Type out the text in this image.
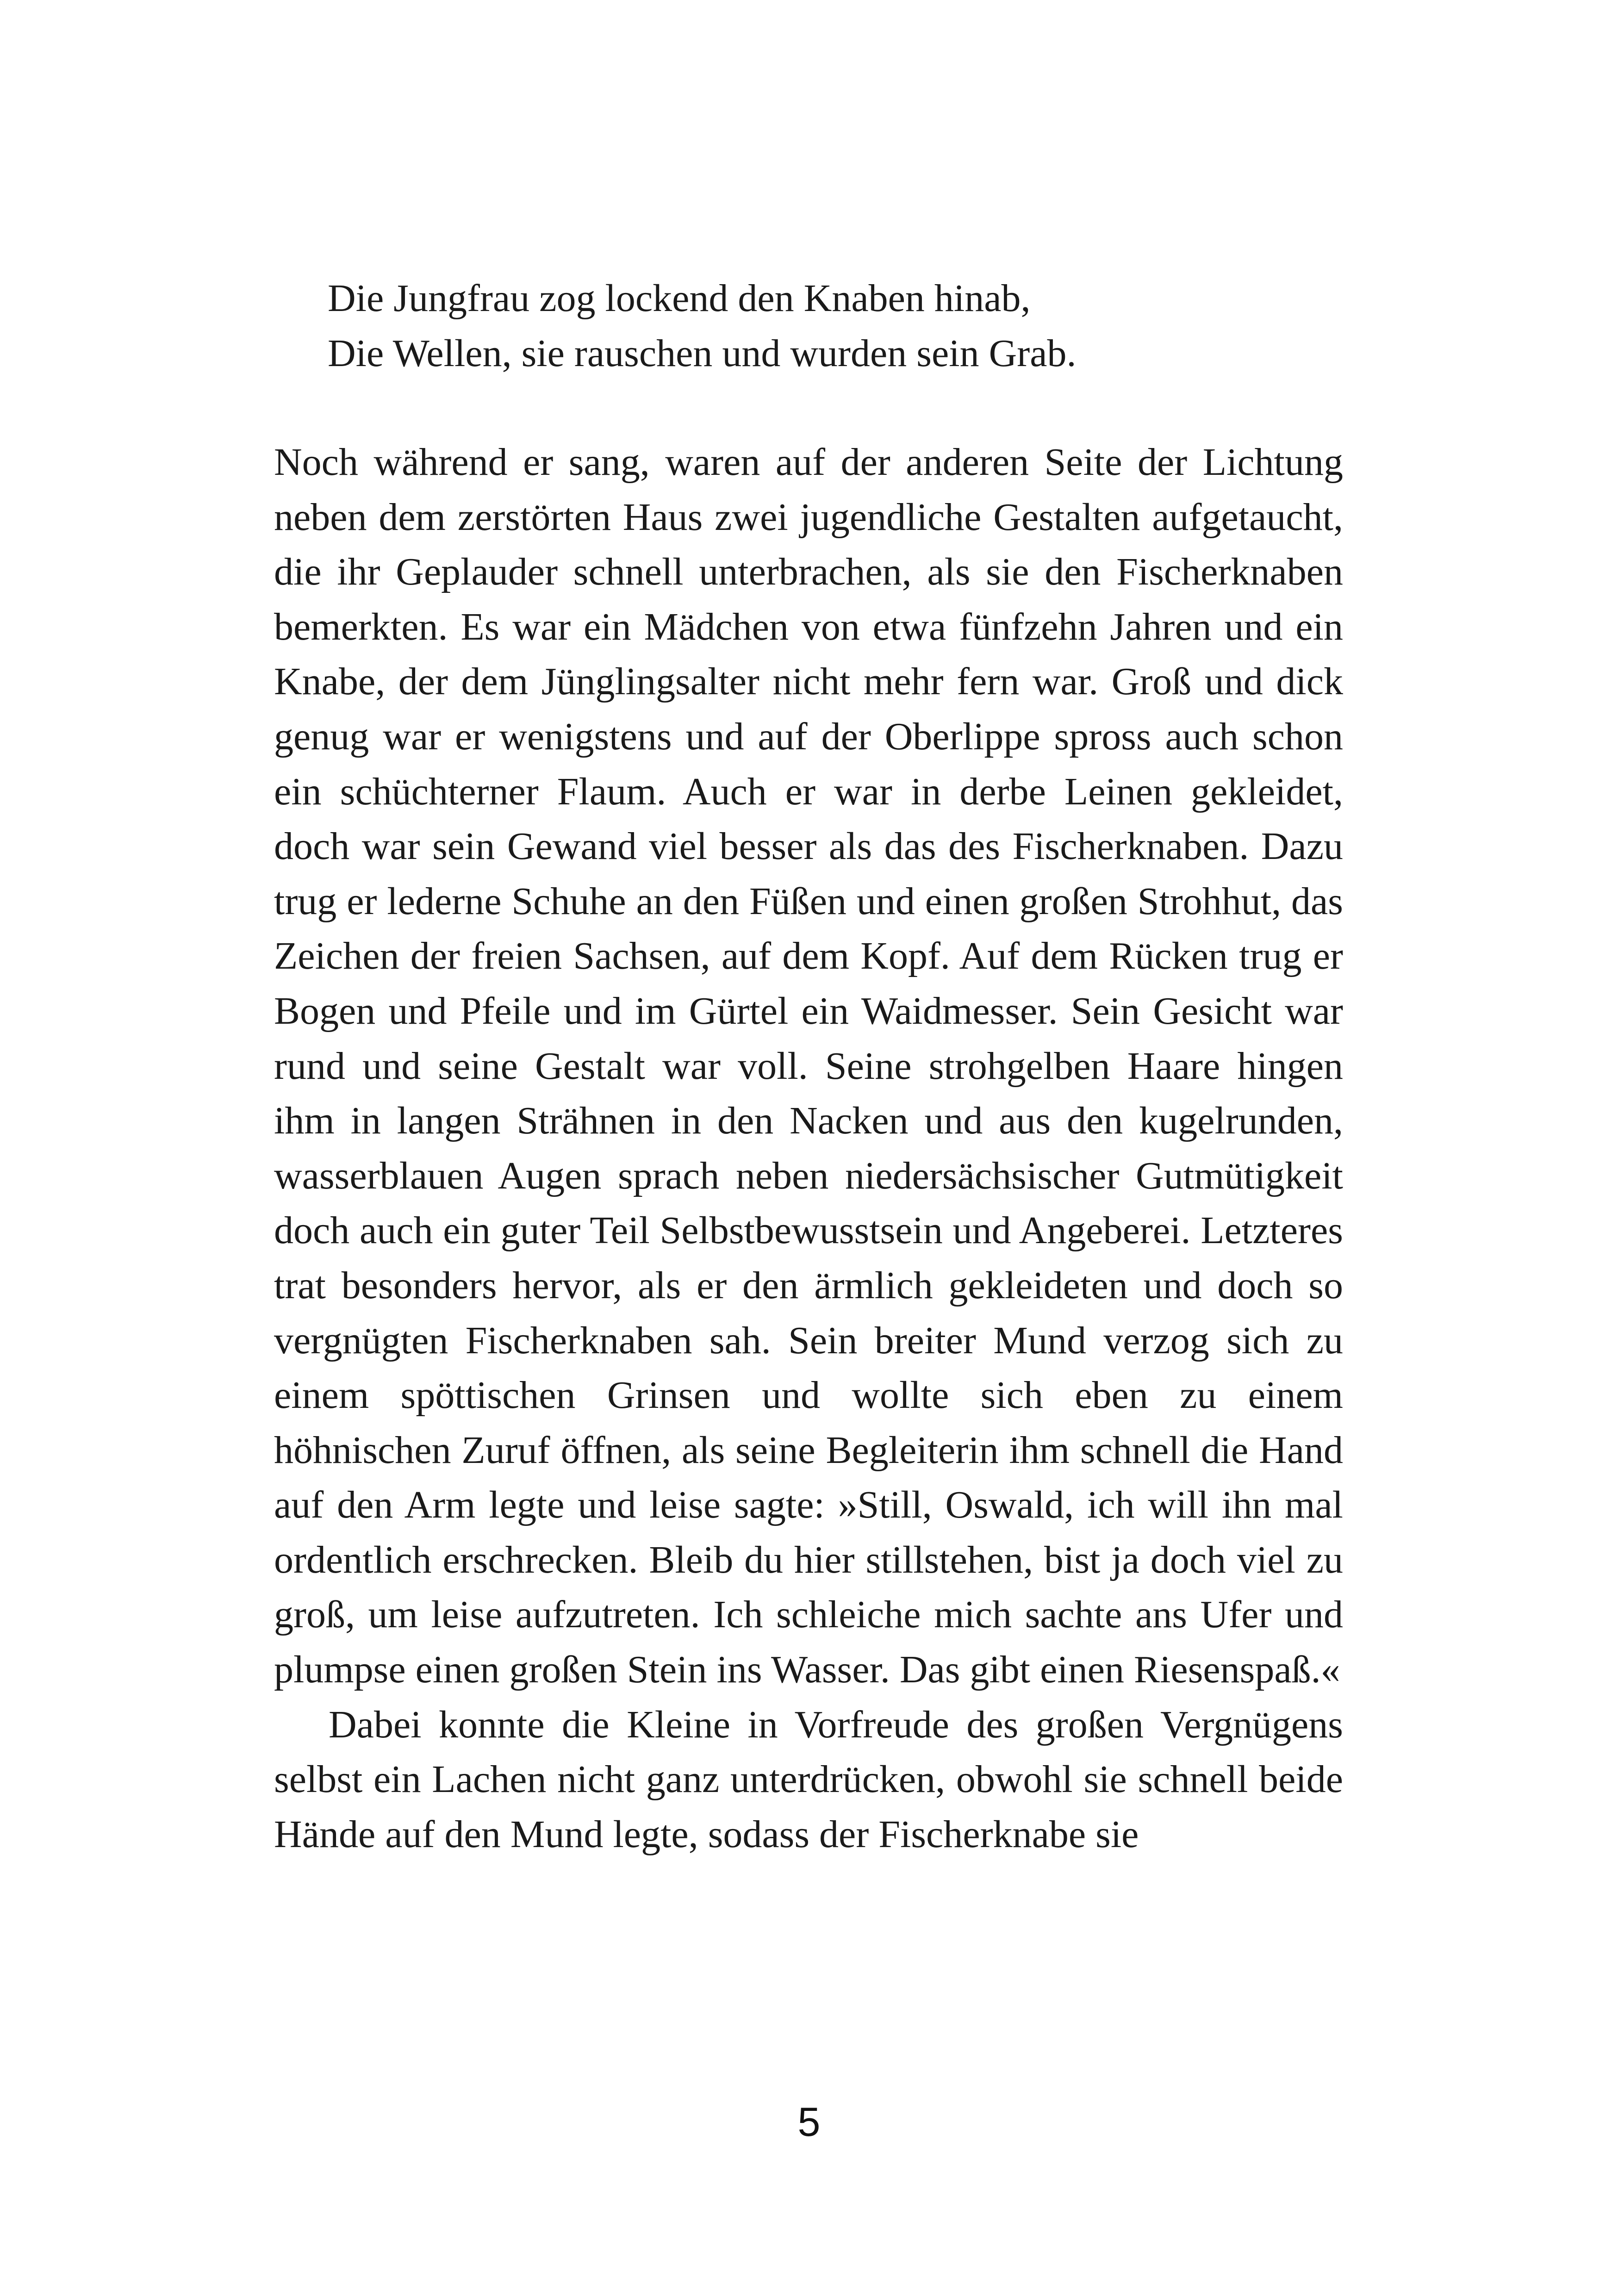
Die Jungfrau zog lockend den Knaben hinab,
Die Wellen, sie rauschen und wurden sein Grab.

Noch während er sang, waren auf der anderen Seite der Lichtung neben dem zerstörten Haus zwei jugendliche Gestalten aufgetaucht, die ihr Geplauder schnell unterbrachen, als sie den Fischerknaben bemerkten. Es war ein Mädchen von etwa fünfzehn Jahren und ein Knabe, der dem Jünglingsalter nicht mehr fern war. Groß und dick genug war er wenigstens und auf der Oberlippe spross auch schon ein schüchterner Flaum. Auch er war in derbe Leinen gekleidet, doch war sein Gewand viel besser als das des Fischerknaben. Dazu trug er lederne Schuhe an den Füßen und einen großen Strohhut, das Zeichen der freien Sachsen, auf dem Kopf. Auf dem Rücken trug er Bogen und Pfeile und im Gürtel ein Waidmesser. Sein Gesicht war rund und seine Gestalt war voll. Seine strohgelben Haare hingen ihm in langen Strähnen in den Nacken und aus den kugelrunden, wasserblauen Augen sprach neben niedersächsischer Gutmütigkeit doch auch ein guter Teil Selbstbewusstsein und Angeberei. Letzteres trat besonders hervor, als er den ärmlich gekleideten und doch so vergnügten Fischerknaben sah. Sein breiter Mund verzog sich zu einem spöttischen Grinsen und wollte sich eben zu einem höhnischen Zuruf öffnen, als seine Begleiterin ihm schnell die Hand auf den Arm legte und leise sagte: »Still, Oswald, ich will ihn mal ordentlich erschrecken. Bleib du hier stillstehen, bist ja doch viel zu groß, um leise aufzutreten. Ich schleiche mich sachte ans Ufer und plumpse einen großen Stein ins Wasser. Das gibt einen Riesenspaß.«

Dabei konnte die Kleine in Vorfreude des großen Vergnügens selbst ein Lachen nicht ganz unterdrücken, obwohl sie schnell beide Hände auf den Mund legte, sodass der Fischerknabe sie

5
